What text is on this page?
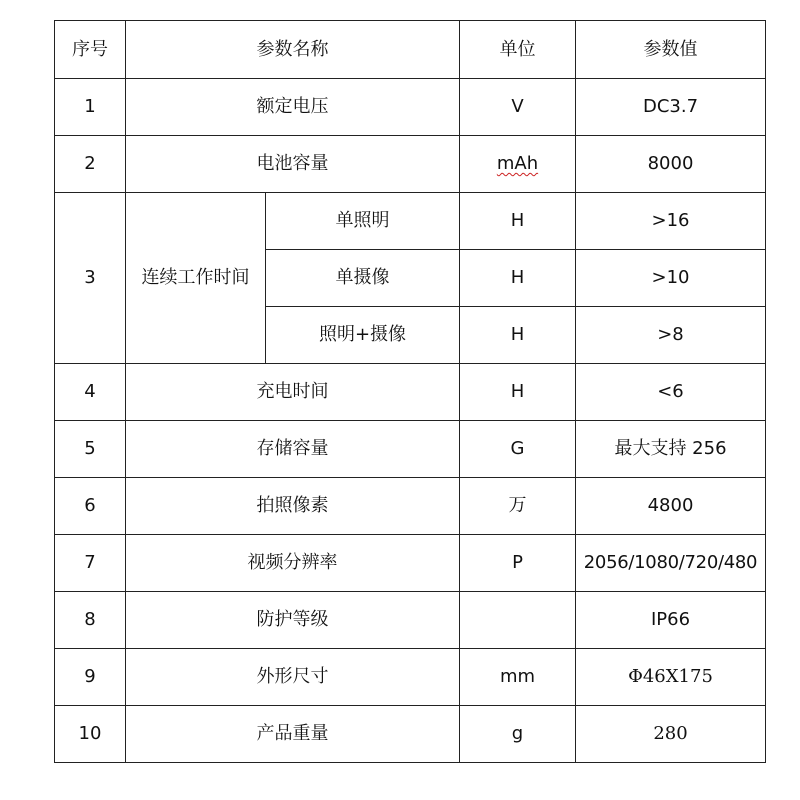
序号	参数名称		单位	参数值
1	额定电压		V	DC3.7
2	电池容量		mAh	8000
3	连续工作时间	单照明	H	>16
		单摄像	H	>10
		照明+摄像	H	>8
4	充电时间		H	<6
5	存储容量		G	最大支持 256
6	拍照像素		万	4800
7	视频分辨率		P	2056/1080/720/480
8	防护等级			IP66
9	外形尺寸		mm	Φ46X175
10	产品重量		g	280
